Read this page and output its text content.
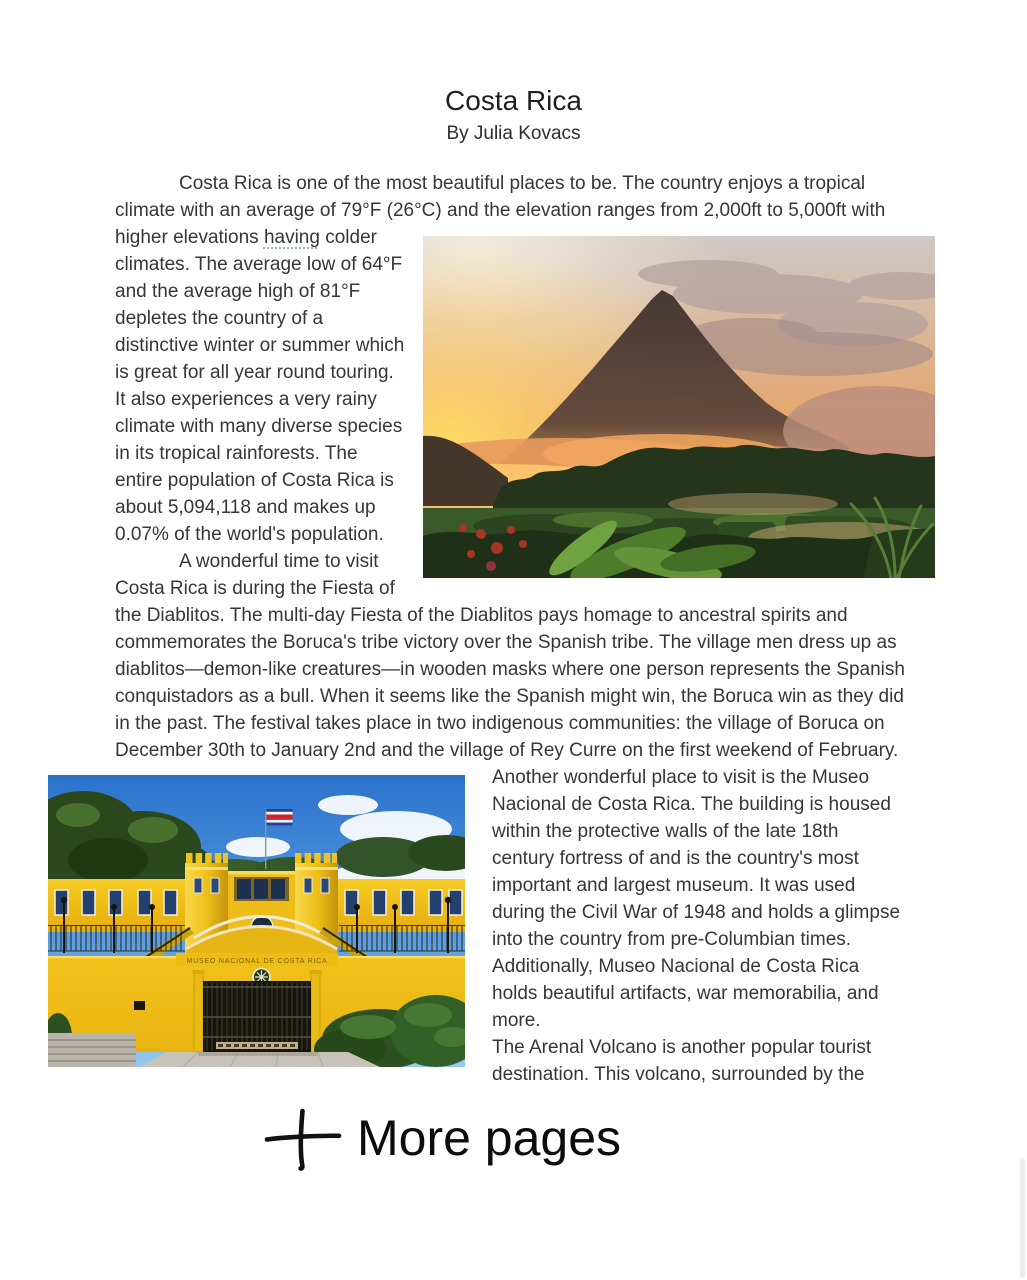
Costa Rica
By Julia Kovacs

Costa Rica is one of the most beautiful places to be. The country enjoys a tropical climate with an average of 79°F (26°C) and the elevation ranges from 2,000ft to
5,000ft with higher elevations having colder climates. The average low of 64°F and the average high of 81°F depletes the country of a distinctive winter or summer which is great for all year round touring. It also experiences a very rainy climate with many diverse species in its tropical rainforests. The entire population of Costa Rica is about 5,094,118 and makes up 0.07% of the world's population.

A wonderful time to visit Costa Rica is during the Fiesta of the Diablitos. The multi-day Fiesta of the Diablitos pays homage to ancestral spirits and commemorates the Boruca's tribe victory over the Spanish tribe. The village men dress up as diablitos—demon-like creatures—in wooden masks where one person represents the Spanish conquistadors as a bull. When it seems like the Spanish might win, the Boruca win as they did in the past. The festival takes place in two indigenous communities: the village of Boruca on December 30th to January 2nd and the village of Rey Curre on the first weekend of February.

MUSEO NACIONAL DE COSTA RICA
Another wonderful place to visit is the Museo Nacional de Costa Rica. The building is housed within the protective walls of the late 18th century fortress of and is the country's most important and largest museum. It was used during the Civil War of 1948 and holds a glimpse into the country from pre-Columbian times. Additionally, Museo Nacional de Costa Rica holds beautiful artifacts, war memorabilia, and more.
The Arenal Volcano is another popular tourist destination. This volcano, surrounded by the

More pages
